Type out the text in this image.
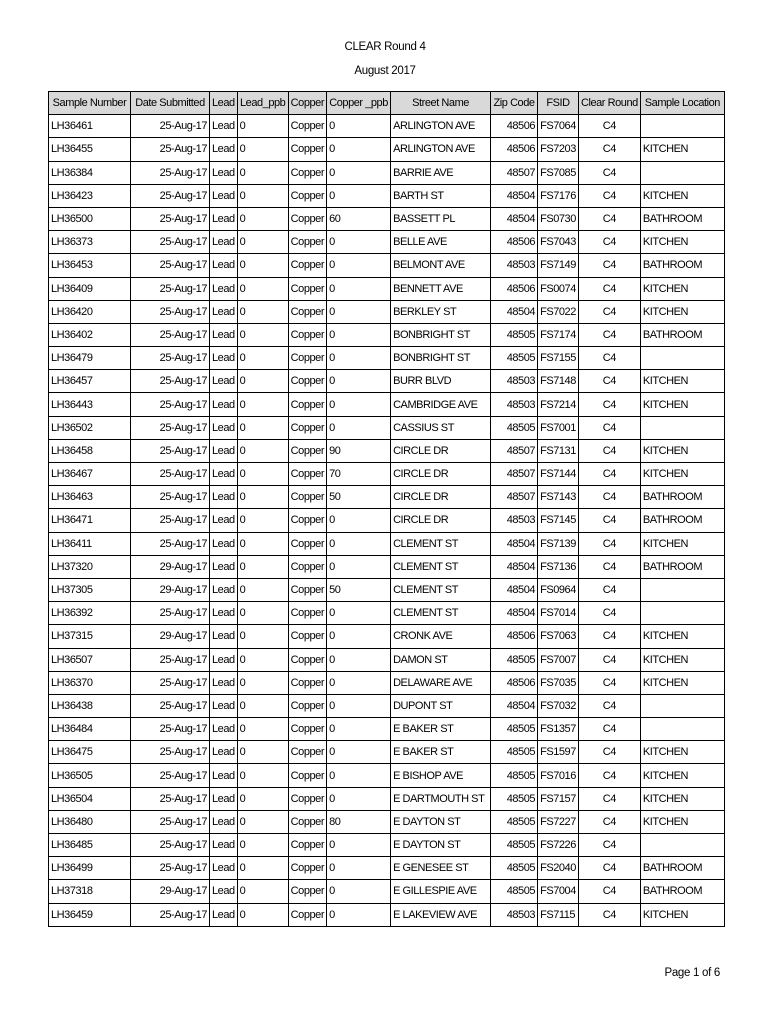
CLEAR Round 4
August 2017
Sample Number	Date Submitted	Lead	Lead_ppb	Copper	Copper _ppb	Street Name	Zip Code	FSID	Clear Round	Sample Location
LH36461	25-Aug-17	Lead	0	Copper	0	ARLINGTON AVE	48506	FS7064	C4	
LH36455	25-Aug-17	Lead	0	Copper	0	ARLINGTON AVE	48506	FS7203	C4	KITCHEN
LH36384	25-Aug-17	Lead	0	Copper	0	BARRIE AVE	48507	FS7085	C4	
LH36423	25-Aug-17	Lead	0	Copper	0	BARTH ST	48504	FS7176	C4	KITCHEN
LH36500	25-Aug-17	Lead	0	Copper	60	BASSETT PL	48504	FS0730	C4	BATHROOM
LH36373	25-Aug-17	Lead	0	Copper	0	BELLE AVE	48506	FS7043	C4	KITCHEN
LH36453	25-Aug-17	Lead	0	Copper	0	BELMONT AVE	48503	FS7149	C4	BATHROOM
LH36409	25-Aug-17	Lead	0	Copper	0	BENNETT AVE	48506	FS0074	C4	KITCHEN
LH36420	25-Aug-17	Lead	0	Copper	0	BERKLEY ST	48504	FS7022	C4	KITCHEN
LH36402	25-Aug-17	Lead	0	Copper	0	BONBRIGHT ST	48505	FS7174	C4	BATHROOM
LH36479	25-Aug-17	Lead	0	Copper	0	BONBRIGHT ST	48505	FS7155	C4	
LH36457	25-Aug-17	Lead	0	Copper	0	BURR BLVD	48503	FS7148	C4	KITCHEN
LH36443	25-Aug-17	Lead	0	Copper	0	CAMBRIDGE AVE	48503	FS7214	C4	KITCHEN
LH36502	25-Aug-17	Lead	0	Copper	0	CASSIUS ST	48505	FS7001	C4	
LH36458	25-Aug-17	Lead	0	Copper	90	CIRCLE DR	48507	FS7131	C4	KITCHEN
LH36467	25-Aug-17	Lead	0	Copper	70	CIRCLE DR	48507	FS7144	C4	KITCHEN
LH36463	25-Aug-17	Lead	0	Copper	50	CIRCLE DR	48507	FS7143	C4	BATHROOM
LH36471	25-Aug-17	Lead	0	Copper	0	CIRCLE DR	48503	FS7145	C4	BATHROOM
LH36411	25-Aug-17	Lead	0	Copper	0	CLEMENT ST	48504	FS7139	C4	KITCHEN
LH37320	29-Aug-17	Lead	0	Copper	0	CLEMENT ST	48504	FS7136	C4	BATHROOM
LH37305	29-Aug-17	Lead	0	Copper	50	CLEMENT ST	48504	FS0964	C4	
LH36392	25-Aug-17	Lead	0	Copper	0	CLEMENT ST	48504	FS7014	C4	
LH37315	29-Aug-17	Lead	0	Copper	0	CRONK AVE	48506	FS7063	C4	KITCHEN
LH36507	25-Aug-17	Lead	0	Copper	0	DAMON ST	48505	FS7007	C4	KITCHEN
LH36370	25-Aug-17	Lead	0	Copper	0	DELAWARE AVE	48506	FS7035	C4	KITCHEN
LH36438	25-Aug-17	Lead	0	Copper	0	DUPONT ST	48504	FS7032	C4	
LH36484	25-Aug-17	Lead	0	Copper	0	E BAKER ST	48505	FS1357	C4	
LH36475	25-Aug-17	Lead	0	Copper	0	E BAKER ST	48505	FS1597	C4	KITCHEN
LH36505	25-Aug-17	Lead	0	Copper	0	E BISHOP AVE	48505	FS7016	C4	KITCHEN
LH36504	25-Aug-17	Lead	0	Copper	0	E DARTMOUTH ST	48505	FS7157	C4	KITCHEN
LH36480	25-Aug-17	Lead	0	Copper	80	E DAYTON ST	48505	FS7227	C4	KITCHEN
LH36485	25-Aug-17	Lead	0	Copper	0	E DAYTON ST	48505	FS7226	C4	
LH36499	25-Aug-17	Lead	0	Copper	0	E GENESEE ST	48505	FS2040	C4	BATHROOM
LH37318	29-Aug-17	Lead	0	Copper	0	E GILLESPIE AVE	48505	FS7004	C4	BATHROOM
LH36459	25-Aug-17	Lead	0	Copper	0	E LAKEVIEW AVE	48503	FS7115	C4	KITCHEN
Page 1 of 6
